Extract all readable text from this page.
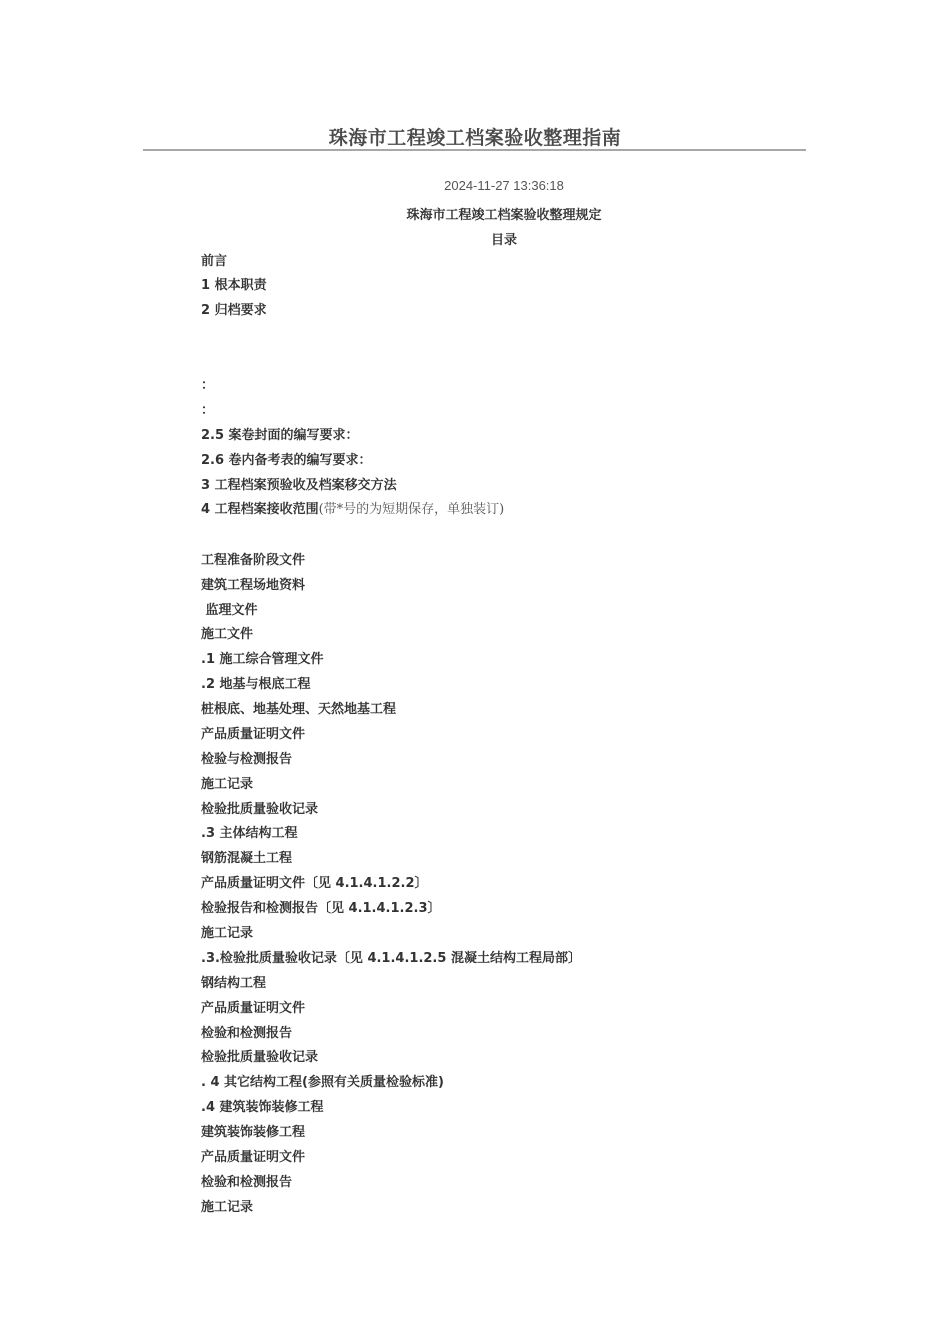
珠海市工程竣工档案验收整理指南
2024-11-27 13:36:18
珠海市工程竣工档案验收整理规定
目录
前言
1 根本职责
2 归档要求
：
：
2.5 案卷封面的编写要求：
2.6 卷内备考表的编写要求：
3 工程档案预验收及档案移交方法
4 工程档案接收范围(带*号的为短期保存，单独装订)
工程准备阶段文件
建筑工程场地资料
监理文件
施工文件
.1 施工综合管理文件
.2 地基与根底工程
桩根底、地基处理、天然地基工程
产品质量证明文件
检验与检测报告
施工记录
检验批质量验收记录
.3 主体结构工程
钢筋混凝土工程
产品质量证明文件〔见 4.1.4.1.2.2〕
检验报告和检测报告〔见 4.1.4.1.2.3〕
施工记录
.3.检验批质量验收记录〔见 4.1.4.1.2.5 混凝土结构工程局部〕
钢结构工程
产品质量证明文件
检验和检测报告
检验批质量验收记录
. 4 其它结构工程(参照有关质量检验标准)
.4 建筑装饰装修工程
建筑装饰装修工程
产品质量证明文件
检验和检测报告
施工记录
